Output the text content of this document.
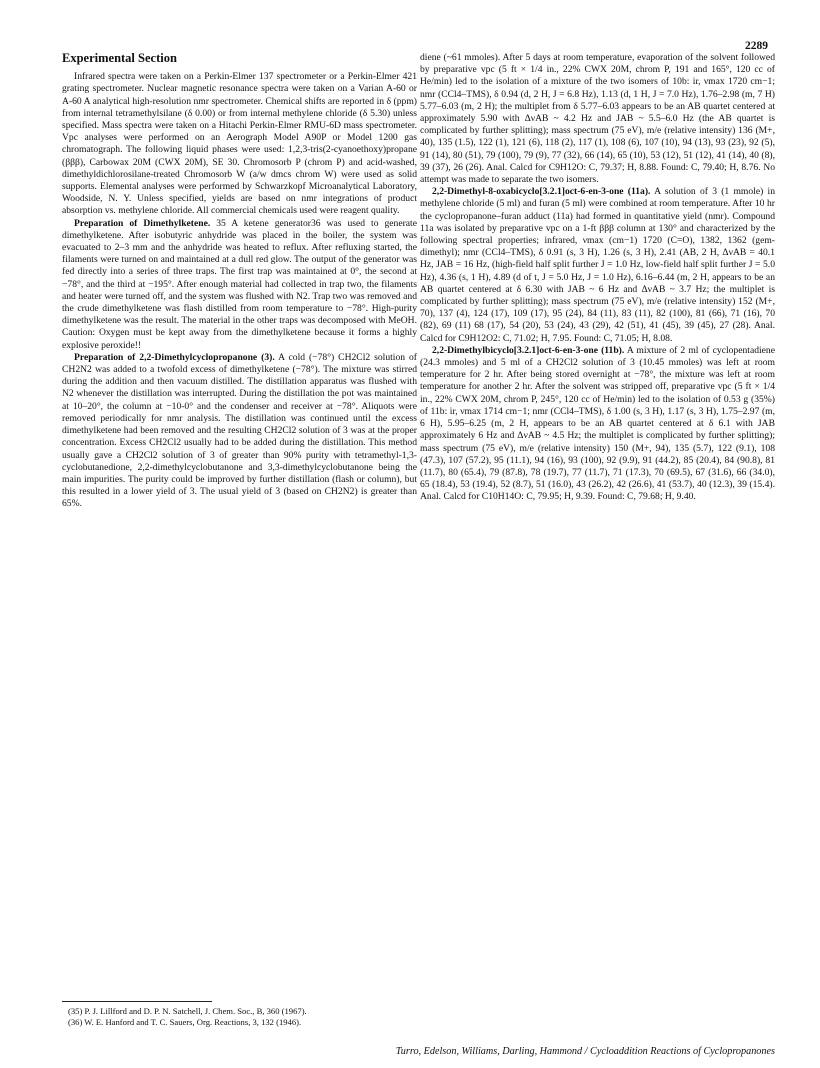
2289
Experimental Section

Infrared spectra were taken on a Perkin-Elmer 137 spectrometer or a Perkin-Elmer 421 grating spectrometer. Nuclear magnetic resonance spectra were taken on a Varian A-60 or A-60 A analytical high-resolution nmr spectrometer. Chemical shifts are reported in δ (ppm) from internal tetramethylsilane (δ 0.00) or from internal methylene chloride (δ 5.30) unless specified. Mass spectra were taken on a Hitachi Perkin-Elmer RMU-6D mass spectrometer. Vpc analyses were performed on an Aerograph Model A90P or Model 1200 gas chromatograph. The following liquid phases were used: 1,2,3-tris(2-cyanoethoxy)propane (βββ), Carbowax 20M (CWX 20M), SE 30. Chromosorb P (chrom P) and acid-washed, dimethyldichlorosilane-treated Chromosorb W (a/w dmcs chrom W) were used as solid supports. Elemental analyses were performed by Schwarzkopf Microanalytical Laboratory, Woodside, N. Y. Unless specified, yields are based on nmr integrations of product absorption vs. methylene chloride. All commercial chemicals used were reagent quality.

Preparation of Dimethylketene. 35 A ketene generator36 was used to generate dimethylketene. After isobutyric anhydride was placed in the boiler, the system was evacuated to 2–3 mm and the anhydride was heated to reflux. After refluxing started, the filaments were turned on and maintained at a dull red glow. The output of the generator was fed directly into a series of three traps. The first trap was maintained at 0°, the second at −78°, and the third at −195°. After enough material had collected in trap two, the filaments and heater were turned off, and the system was flushed with N2. Trap two was removed and the crude dimethylketene was flash distilled from room temperature to −78°. High-purity dimethylketene was the result. The material in the other traps was decomposed with MeOH. Caution: Oxygen must be kept away from the dimethylketene because it forms a highly explosive peroxide!!

Preparation of 2,2-Dimethylcyclopropanone (3). A cold (−78°) CH2Cl2 solution of CH2N2 was added to a twofold excess of dimethylketene (−78°). The mixture was stirred during the addition and then vacuum distilled. The distillation apparatus was flushed with N2 whenever the distillation was interrupted. During the distillation the pot was maintained at 10–20°, the column at −10-0° and the condenser and receiver at −78°. Aliquots were removed periodically for nmr analysis. The distillation was continued until the excess dimethylketene had been removed and the resulting CH2Cl2 solution of 3 was at the proper concentration. Excess CH2Cl2 usually had to be added during the distillation. This method usually gave a CH2Cl2 solution of 3 of greater than 90% purity with tetramethyl-1,3-cyclobutanedione, 2,2-dimethylcyclobutanone and 3,3-dimethylcyclobutanone being the main impurities. The purity could be improved by further distillation (flash or column), but this resulted in a lower yield of 3. The usual yield of 3 (based on CH2N2) is greater than 65%.

diene (~61 mmoles). After 5 days at room temperature, evaporation of the solvent followed by preparative vpc (5 ft × 1/4 in., 22% CWX 20M, chrom P, 191 and 165°, 120 cc of He/min) led to the isolation of a mixture of the two isomers of 10b: ir, νmax 1720 cm−1; nmr (CCl4–TMS), δ 0.94 (d, 2 H, J = 6.8 Hz), 1.13 (d, 1 H, J = 7.0 Hz), 1.76–2.98 (m, 7 H) 5.77–6.03 (m, 2 H); the multiplet from δ 5.77–6.03 appears to be an AB quartet centered at approximately 5.90 with ΔνAB ~ 4.2 Hz and JAB ~ 5.5–6.0 Hz (the AB quartet is complicated by further splitting); mass spectrum (75 eV), m/e (relative intensity) 136 (M+, 40), 135 (1.5), 122 (1), 121 (6), 118 (2), 117 (1), 108 (6), 107 (10), 94 (13), 93 (23), 92 (5), 91 (14), 80 (51), 79 (100), 79 (9), 77 (32), 66 (14), 65 (10), 53 (12), 51 (12), 41 (14), 40 (8), 39 (37), 26 (26). Anal. Calcd for C9H12O: C, 79.37; H, 8.88. Found: C, 79.40; H, 8.76. No attempt was made to separate the two isomers.

2,2-Dimethyl-8-oxabicyclo[3.2.1]oct-6-en-3-one (11a). A solution of 3 (1 mmole) in methylene chloride (5 ml) and furan (5 ml) were combined at room temperature. After 10 hr the cyclopropanone–furan adduct (11a) had formed in quantitative yield (nmr). Compound 11a was isolated by preparative vpc on a 1-ft βββ column at 130° and characterized by the following spectral properties; infrared, νmax (cm−1) 1720 (C=O), 1382, 1362 (gem-dimethyl); nmr (CCl4–TMS), δ 0.91 (s, 3 H), 1.26 (s, 3 H), 2.41 (AB, 2 H, ΔνAB = 40.1 Hz, JAB = 16 Hz, (high-field half split further J = 1.0 Hz, low-field half split further J = 5.0 Hz), 4.36 (s, 1 H), 4.89 (d of t, J = 5.0 Hz, J = 1.0 Hz), 6.16–6.44 (m, 2 H, appears to be an AB quartet centered at δ 6.30 with JAB ~ 6 Hz and ΔνAB ~ 3.7 Hz; the multiplet is complicated by further splitting); mass spectrum (75 eV), m/e (relative intensity) 152 (M+, 70), 137 (4), 124 (17), 109 (17), 95 (24), 84 (11), 83 (11), 82 (100), 81 (66), 71 (16), 70 (82), 69 (11) 68 (17), 54 (20), 53 (24), 43 (29), 42 (51), 41 (45), 39 (45), 27 (28). Anal. Calcd for C9H12O2: C, 71.02; H, 7.95. Found: C, 71.05; H, 8.08.

2,2-Dimethylbicyclo[3.2.1]oct-6-en-3-one (11b). A mixture of 2 ml of cyclopentadiene (24.3 mmoles) and 5 ml of a CH2Cl2 solution of 3 (10.45 mmoles) was left at room temperature for 2 hr. After being stored overnight at −78°, the mixture was left at room temperature for another 2 hr. After the solvent was stripped off, preparative vpc (5 ft × 1/4 in., 22% CWX 20M, chrom P, 245°, 120 cc of He/min) led to the isolation of 0.53 g (35%) of 11b: ir, νmax 1714 cm−1; nmr (CCl4–TMS), δ 1.00 (s, 3 H), 1.17 (s, 3 H), 1.75–2.97 (m, 6 H), 5.95–6.25 (m, 2 H, appears to be an AB quartet centered at δ 6.1 with JAB approximately 6 Hz and ΔνAB ~ 4.5 Hz; the multiplet is complicated by further splitting); mass spectrum (75 eV), m/e (relative intensity) 150 (M+, 94), 135 (5.7), 122 (9.1), 108 (47.3), 107 (57.2), 95 (11.1), 94 (16), 93 (100), 92 (9.9), 91 (44.2), 85 (20.4), 84 (90.8), 81 (11.7), 80 (65.4), 79 (87.8), 78 (19.7), 77 (11.7), 71 (17.3), 70 (69.5), 67 (31.6), 66 (34.0), 65 (18.4), 53 (19.4), 52 (8.7), 51 (16.0), 43 (26.2), 42 (26.6), 41 (53.7), 40 (12.3), 39 (15.4). Anal. Calcd for C10H14O: C, 79.95; H, 9.39. Found: C, 79.68; H, 9.40.

(35) P. J. Lillford and D. P. N. Satchell, J. Chem. Soc., B, 360 (1967).
(36) W. E. Hanford and T. C. Sauers, Org. Reactions, 3, 132 (1946).
Turro, Edelson, Williams, Darling, Hammond / Cycloaddition Reactions of Cyclopropanones
